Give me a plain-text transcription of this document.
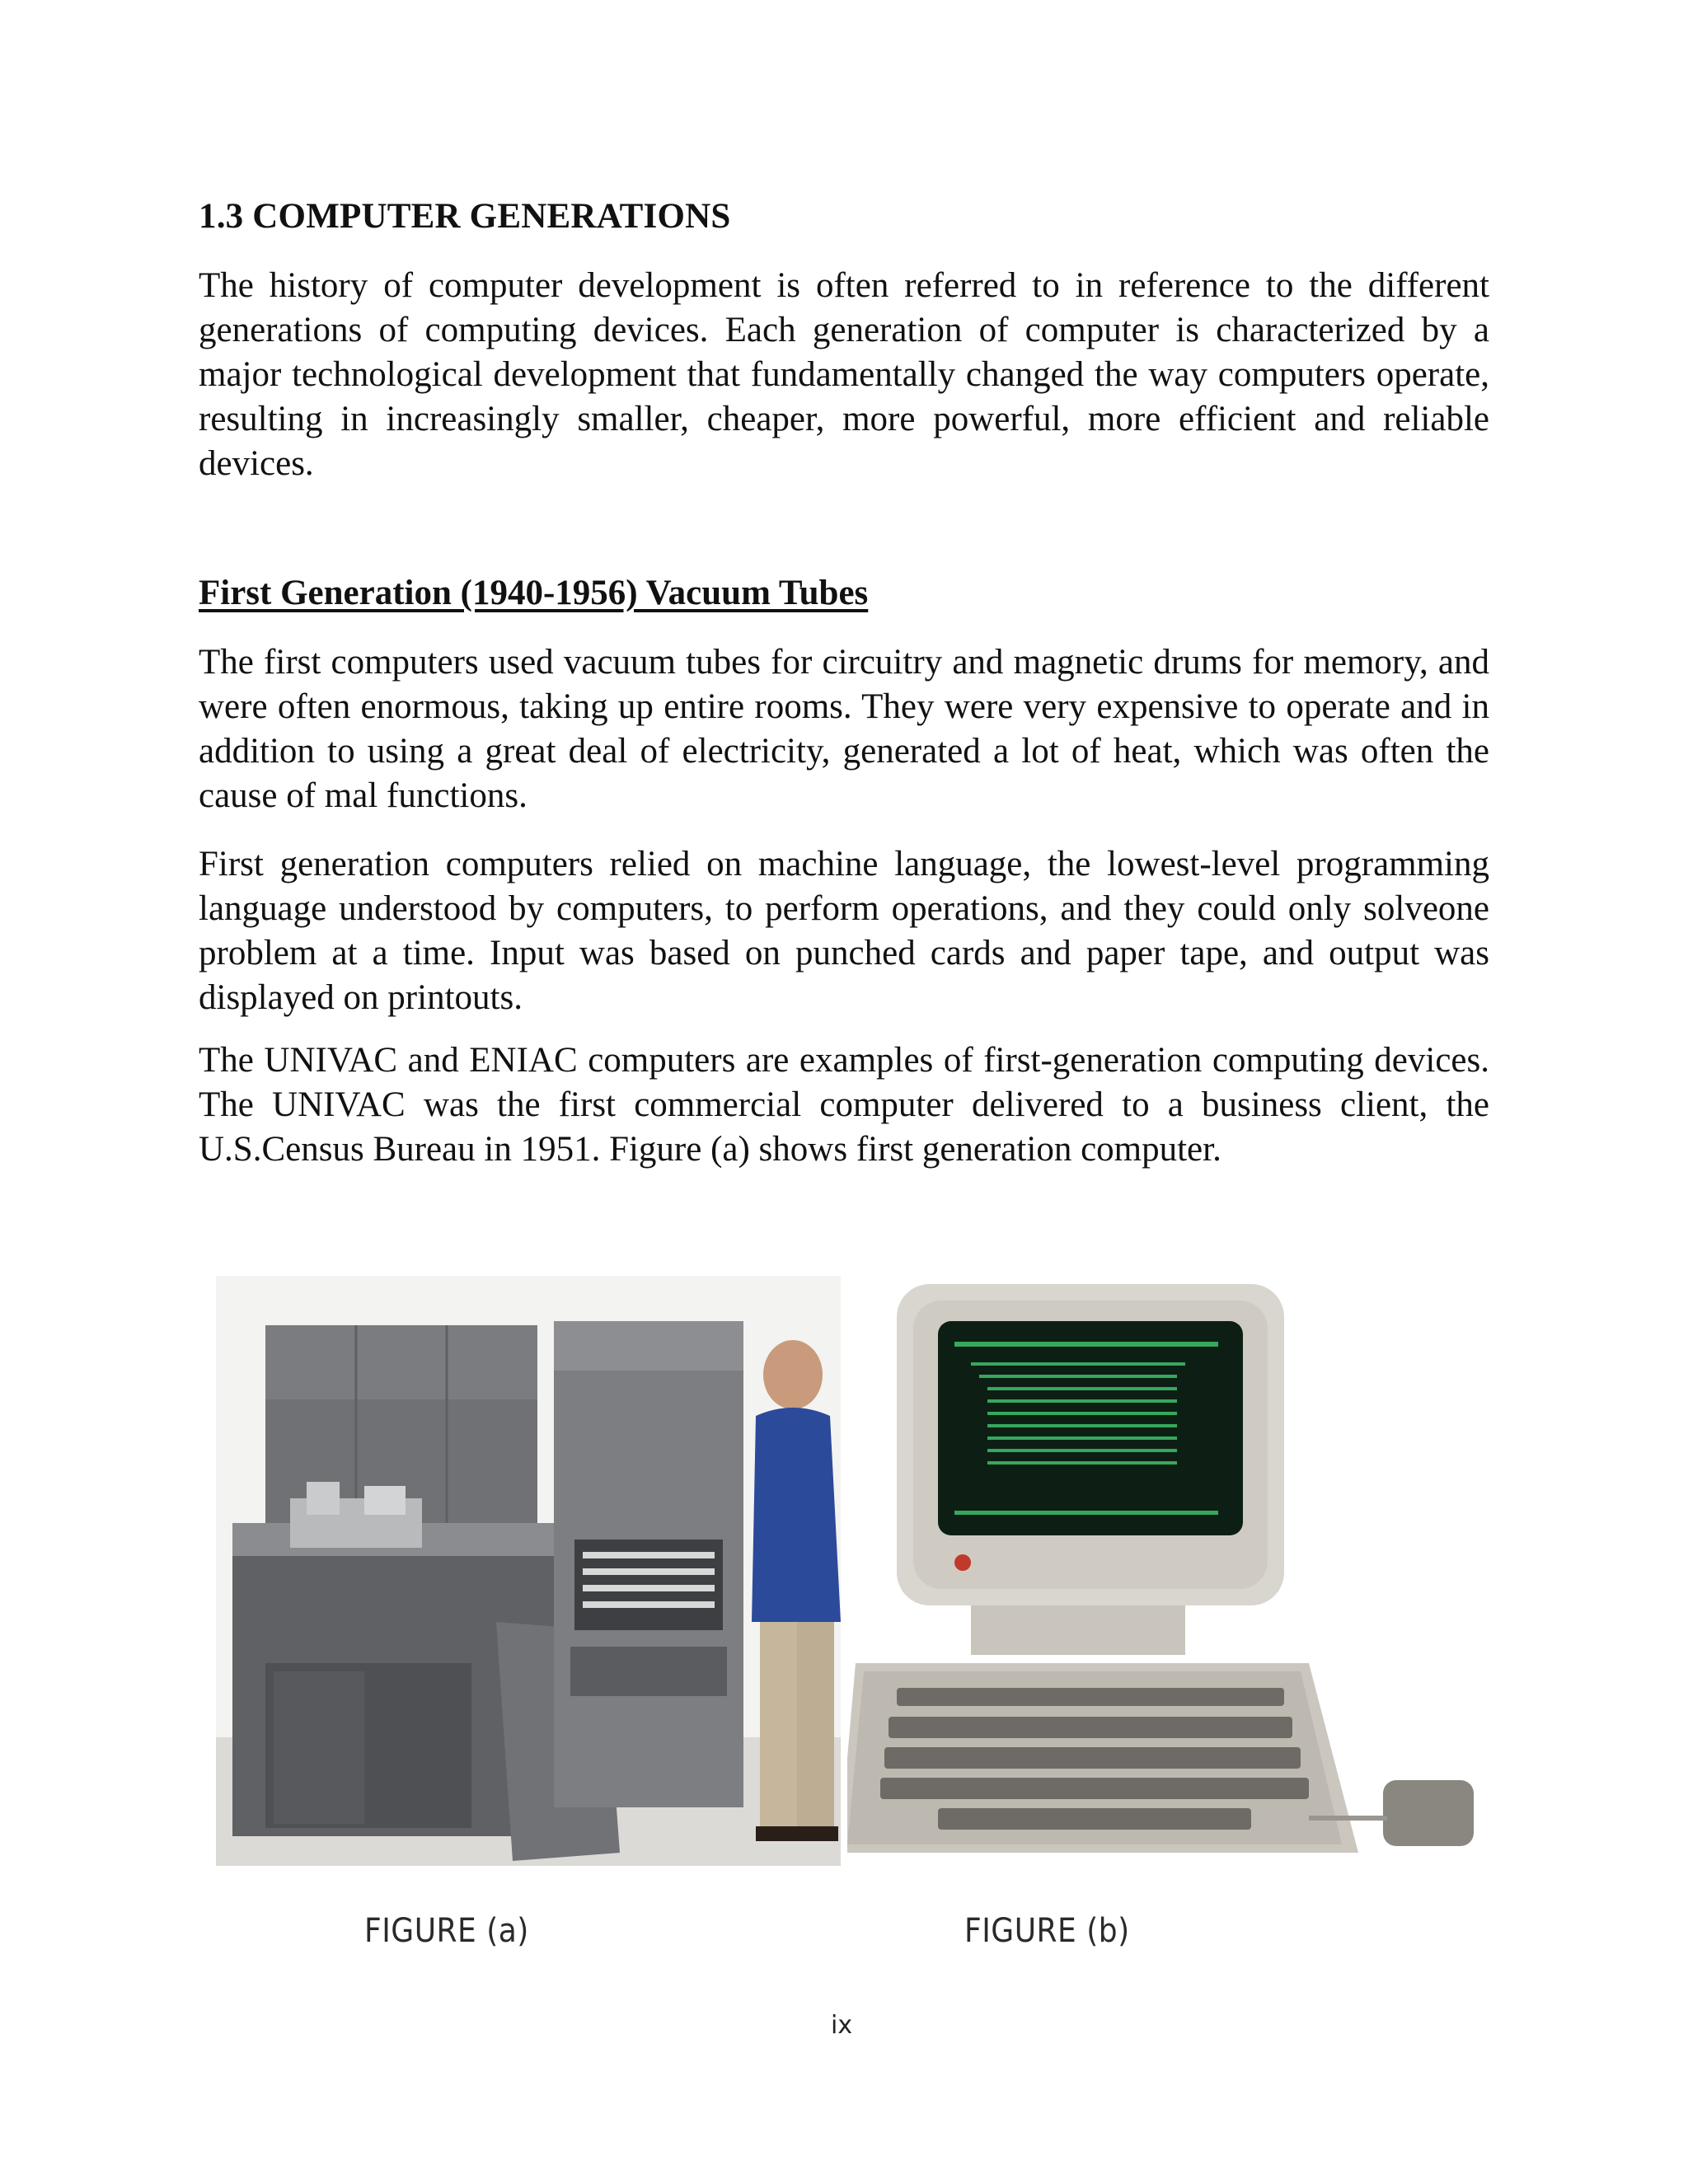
1.3 COMPUTER GENERATIONS

The history of computer development is often referred to in reference to the different generations of computing devices. Each generation of computer is characterized by a major technological development that fundamentally changed the way computers operate, resulting in increasingly smaller, cheaper, more powerful, more efficient and reliable devices.

First Generation (1940-1956) Vacuum Tubes

The first computers used vacuum tubes for circuitry and magnetic drums for memory, and were often enormous, taking up entire rooms. They were very expensive to operate and in addition to using a great deal of electricity, generated a lot of heat, which was often the cause of mal functions.

First generation computers relied on machine language, the lowest-level programming language understood by computers, to perform operations, and they could only solveone problem at a time. Input was based on punched cards and paper tape, and output was displayed on printouts.

The UNIVAC and ENIAC computers are examples of first-generation computing devices. The UNIVAC was the first commercial computer delivered to a business client, the U.S.Census Bureau in 1951. Figure (a) shows first generation computer.

FIGURE (a)	FIGURE (b)

ix
